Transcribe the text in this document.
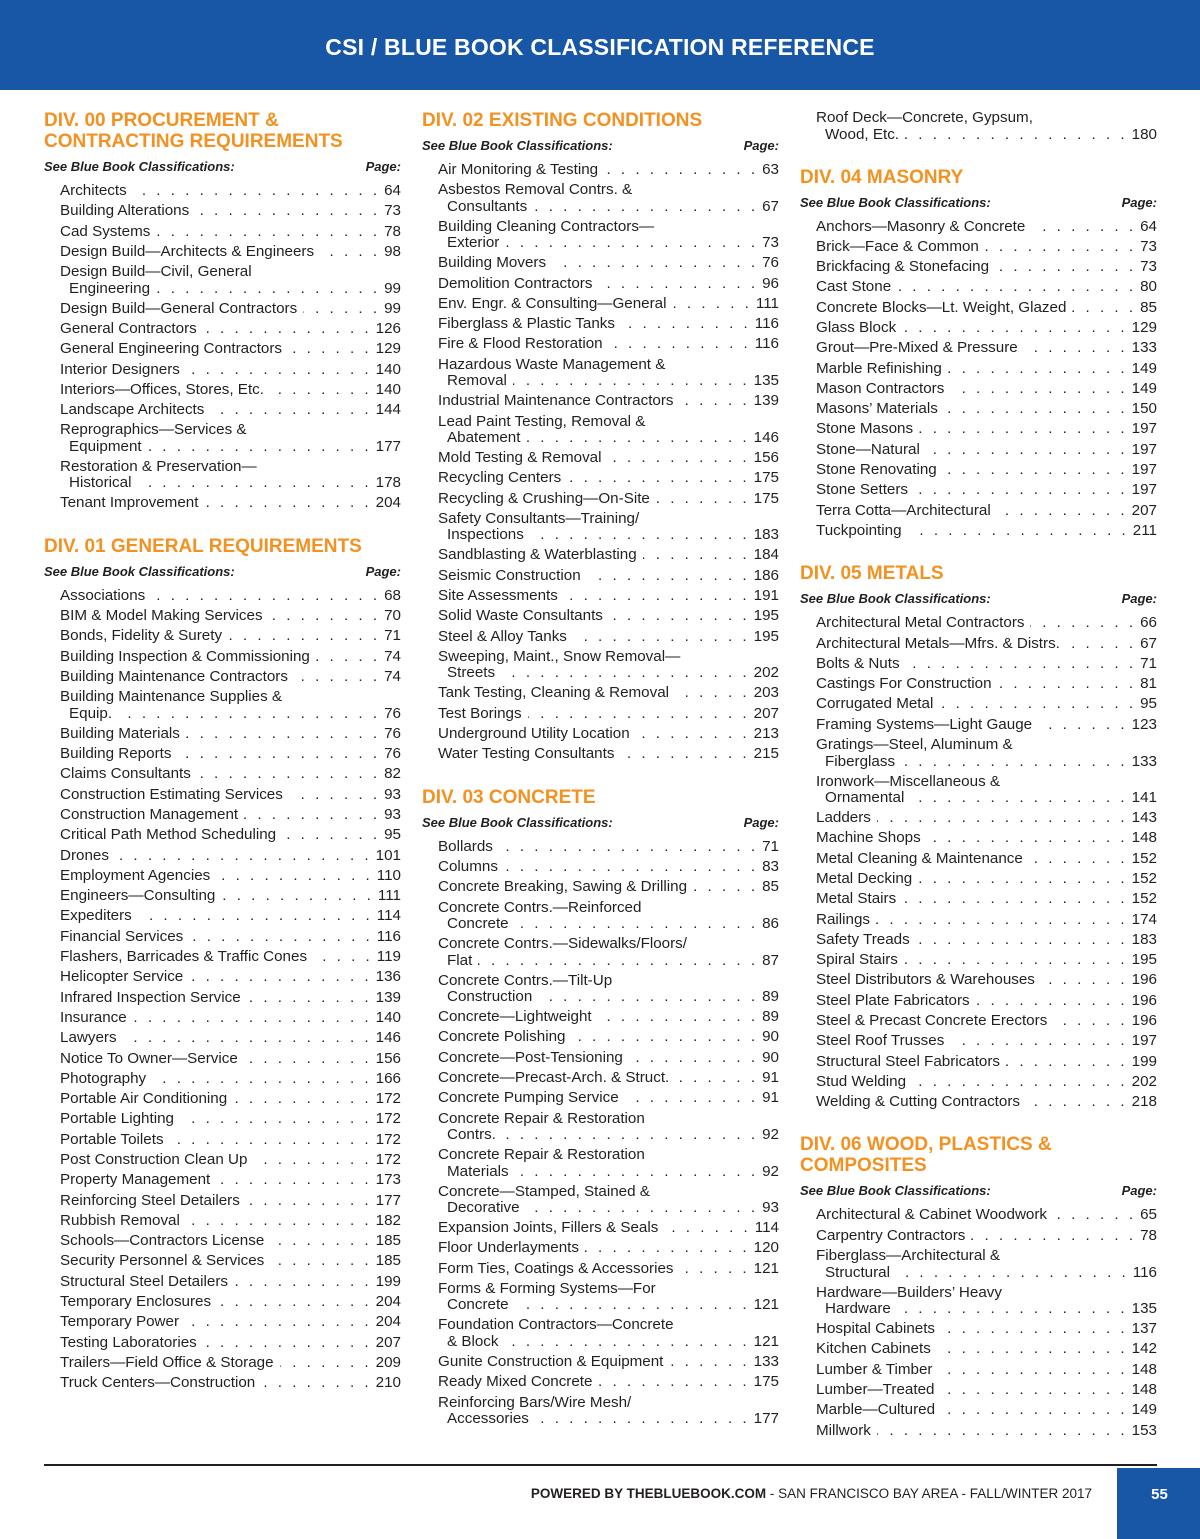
CSI / BLUE BOOK CLASSIFICATION REFERENCE
DIV. 00 PROCUREMENT & CONTRACTING REQUIREMENTS
See Blue Book Classifications:	Page:
Architects . . .	64
Building Alterations . . .	73
Cad Systems . . .	78
Design Build—Architects & Engineers . . .	98
Design Build—Civil, General
Engineering . . .	99
Design Build—General Contractors . . .	99
General Contractors . . .	126
General Engineering Contractors . . .	129
Interior Designers . . .	140
Interiors—Offices, Stores, Etc. . . .	140
Landscape Architects . . .	144
Reprographics—Services &
Equipment . . .	177
Restoration & Preservation—
Historical . . .	178
Tenant Improvement . . .	204
DIV. 01 GENERAL REQUIREMENTS
See Blue Book Classifications:	Page:
Associations . . .	68
BIM & Model Making Services . . .	70
Bonds, Fidelity & Surety . . .	71
Building Inspection & Commissioning . . .	74
Building Maintenance Contractors . . .	74
Building Maintenance Supplies &
Equip. . . .	76
Building Materials . . .	76
Building Reports . . .	76
Claims Consultants . . .	82
Construction Estimating Services . . .	93
Construction Management . . .	93
Critical Path Method Scheduling . . .	95
Drones . . .	101
Employment Agencies . . .	110
Engineers—Consulting . . .	111
Expediters . . .	114
Financial Services . . .	116
Flashers, Barricades & Traffic Cones . . .	119
Helicopter Service . . .	136
Infrared Inspection Service . . .	139
Insurance . . .	140
Lawyers . . .	146
Notice To Owner—Service . . .	156
Photography . . .	166
Portable Air Conditioning . . .	172
Portable Lighting . . .	172
Portable Toilets . . .	172
Post Construction Clean Up . . .	172
Property Management . . .	173
Reinforcing Steel Detailers . . .	177
Rubbish Removal . . .	182
Schools—Contractors License . . .	185
Security Personnel & Services . . .	185
Structural Steel Detailers . . .	199
Temporary Enclosures . . .	204
Temporary Power . . .	204
Testing Laboratories . . .	207
Trailers—Field Office & Storage . . .	209
Truck Centers—Construction . . .	210
DIV. 02 EXISTING CONDITIONS
See Blue Book Classifications:	Page:
Air Monitoring & Testing . . .	63
Asbestos Removal Contrs. &
Consultants . . .	67
Building Cleaning Contractors—
Exterior . . .	73
Building Movers . . .	76
Demolition Contractors . . .	96
Env. Engr. & Consulting—General . . .	111
Fiberglass & Plastic Tanks . . .	116
Fire & Flood Restoration . . .	116
Hazardous Waste Management &
Removal . . .	135
Industrial Maintenance Contractors . . .	139
Lead Paint Testing, Removal &
Abatement . . .	146
Mold Testing & Removal . . .	156
Recycling Centers . . .	175
Recycling & Crushing—On-Site . . .	175
Safety Consultants—Training/
Inspections . . .	183
Sandblasting & Waterblasting . . .	184
Seismic Construction . . .	186
Site Assessments . . .	191
Solid Waste Consultants . . .	195
Steel & Alloy Tanks . . .	195
Sweeping, Maint., Snow Removal—
Streets . . .	202
Tank Testing, Cleaning & Removal . . .	203
Test Borings . . .	207
Underground Utility Location . . .	213
Water Testing Consultants . . .	215
DIV. 03 CONCRETE
See Blue Book Classifications:	Page:
Bollards . . .	71
Columns . . .	83
Concrete Breaking, Sawing & Drilling . . .	85
Concrete Contrs.—Reinforced
Concrete . . .	86
Concrete Contrs.—Sidewalks/Floors/
Flat . . .	87
Concrete Contrs.—Tilt-Up
Construction . . .	89
Concrete—Lightweight . . .	89
Concrete Polishing . . .	90
Concrete—Post-Tensioning . . .	90
Concrete—Precast-Arch. & Struct. . . .	91
Concrete Pumping Service . . .	91
Concrete Repair & Restoration
Contrs. . . .	92
Concrete Repair & Restoration
Materials . . .	92
Concrete—Stamped, Stained &
Decorative . . .	93
Expansion Joints, Fillers & Seals . . .	114
Floor Underlayments . . .	120
Form Ties, Coatings & Accessories . . .	121
Forms & Forming Systems—For
Concrete . . .	121
Foundation Contractors—Concrete
& Block . . .	121
Gunite Construction & Equipment . . .	133
Ready Mixed Concrete . . .	175
Reinforcing Bars/Wire Mesh/
Accessories . . .	177
Roof Deck—Concrete, Gypsum,
Wood, Etc. . . .	180
DIV. 04 MASONRY
See Blue Book Classifications:	Page:
Anchors—Masonry & Concrete . . .	64
Brick—Face & Common . . .	73
Brickfacing & Stonefacing . . .	73
Cast Stone . . .	80
Concrete Blocks—Lt. Weight, Glazed . . .	85
Glass Block . . .	129
Grout—Pre-Mixed & Pressure . . .	133
Marble Refinishing . . .	149
Mason Contractors . . .	149
Masons’ Materials . . .	150
Stone Masons . . .	197
Stone—Natural . . .	197
Stone Renovating . . .	197
Stone Setters . . .	197
Terra Cotta—Architectural . . .	207
Tuckpointing . . .	211
DIV. 05 METALS
See Blue Book Classifications:	Page:
Architectural Metal Contractors . . .	66
Architectural Metals—Mfrs. & Distrs. . . .	67
Bolts & Nuts . . .	71
Castings For Construction . . .	81
Corrugated Metal . . .	95
Framing Systems—Light Gauge . . .	123
Gratings—Steel, Aluminum &
Fiberglass . . .	133
Ironwork—Miscellaneous &
Ornamental . . .	141
Ladders . . .	143
Machine Shops . . .	148
Metal Cleaning & Maintenance . . .	152
Metal Decking . . .	152
Metal Stairs . . .	152
Railings . . .	174
Safety Treads . . .	183
Spiral Stairs . . .	195
Steel Distributors & Warehouses . . .	196
Steel Plate Fabricators . . .	196
Steel & Precast Concrete Erectors . . .	196
Steel Roof Trusses . . .	197
Structural Steel Fabricators . . .	199
Stud Welding . . .	202
Welding & Cutting Contractors . . .	218
DIV. 06 WOOD, PLASTICS & COMPOSITES
See Blue Book Classifications:	Page:
Architectural & Cabinet Woodwork . . .	65
Carpentry Contractors . . .	78
Fiberglass—Architectural &
Structural . . .	116
Hardware—Builders’ Heavy
Hardware . . .	135
Hospital Cabinets . . .	137
Kitchen Cabinets . . .	142
Lumber & Timber . . .	148
Lumber—Treated . . .	148
Marble—Cultured . . .	149
Millwork . . .	153
POWERED BY THEBLUEBOOK.COM - SAN FRANCISCO BAY AREA - FALL/WINTER 2017	55
